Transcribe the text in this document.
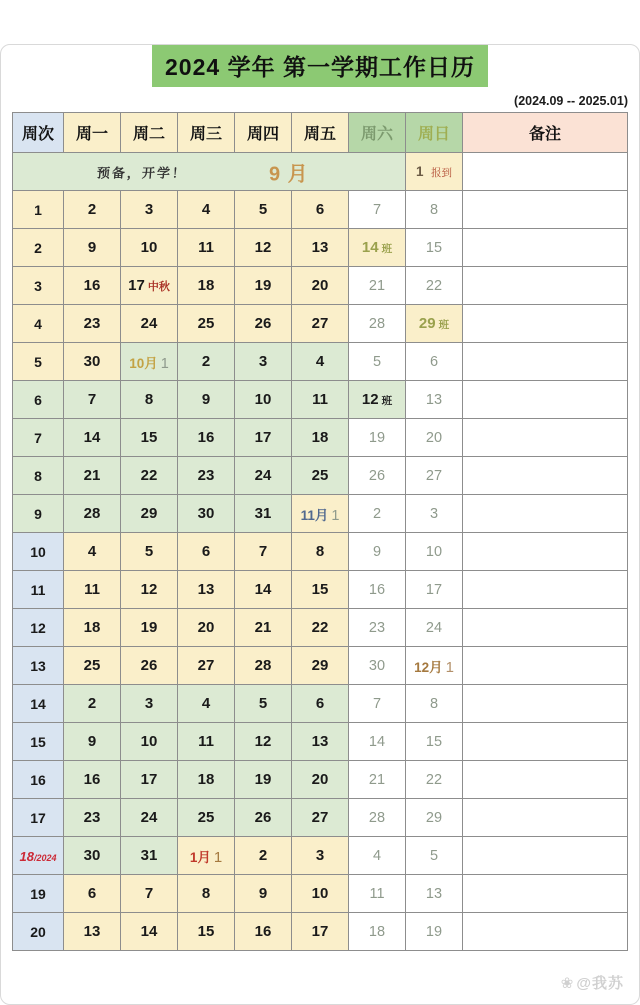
2024 学年 第一学期工作日历
(2024.09 -- 2025.01)
周次	周一	周二	周三	周四	周五	周六	周日	备注

预备，开学！ 9 月							1 报到	
1	2	3	4	5	6	7	8	
2	9	10	11	12	13	14 班	15	
3	16	17 中秋	18	19	20	21	22	
4	23	24	25	26	27	28	29 班	
5	30	10月 1	2	3	4	5	6	
6	7	8	9	10	11	12 班	13	
7	14	15	16	17	18	19	20	
8	21	22	23	24	25	26	27	
9	28	29	30	31	11月 1	2	3	
10	4	5	6	7	8	9	10	
11	11	12	13	14	15	16	17	
12	18	19	20	21	22	23	24	
13	25	26	27	28	29	30	12月 1	
14	2	3	4	5	6	7	8	
15	9	10	11	12	13	14	15	
16	16	17	18	19	20	21	22	
17	23	24	25	26	27	28	29	
18/2024	30	31	1月 1	2	3	4	5	
19	6	7	8	9	10	11	13	
20	13	14	15	16	17	18	19	
❀ @我苏
